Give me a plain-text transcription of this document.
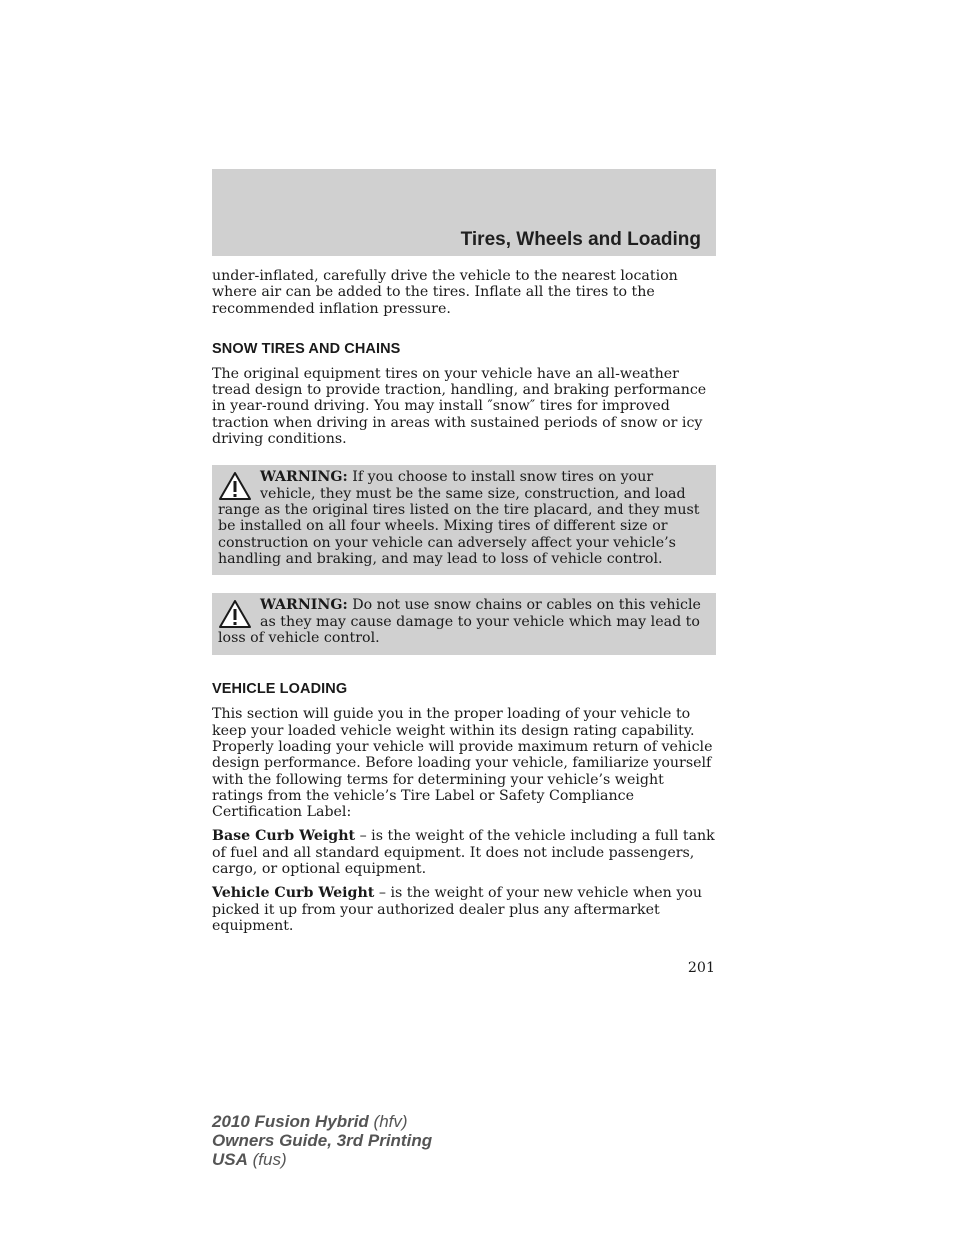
Tires, Wheels and Loading

under-inflated, carefully drive the vehicle to the nearest location where air can be added to the tires. Inflate all the tires to the recommended inflation pressure.

SNOW TIRES AND CHAINS

The original equipment tires on your vehicle have an all-weather tread design to provide traction, handling, and braking performance in year-round driving. You may install ″snow″ tires for improved traction when driving in areas with sustained periods of snow or icy driving conditions.

WARNING: If you choose to install snow tires on your vehicle, they must be the same size, construction, and load range as the original tires listed on the tire placard, and they must be installed on all four wheels. Mixing tires of different size or construction on your vehicle can adversely affect your vehicle’s handling and braking, and may lead to loss of vehicle control.

WARNING: Do not use snow chains or cables on this vehicle as they may cause damage to your vehicle which may lead to loss of vehicle control.

VEHICLE LOADING

This section will guide you in the proper loading of your vehicle to keep your loaded vehicle weight within its design rating capability. Properly loading your vehicle will provide maximum return of vehicle design performance. Before loading your vehicle, familiarize yourself with the following terms for determining your vehicle’s weight ratings from the vehicle’s Tire Label or Safety Compliance Certification Label:

Base Curb Weight – is the weight of the vehicle including a full tank of fuel and all standard equipment. It does not include passengers, cargo, or optional equipment.

Vehicle Curb Weight – is the weight of your new vehicle when you picked it up from your authorized dealer plus any aftermarket equipment.

201
2010 Fusion Hybrid (hfv)
Owners Guide, 3rd Printing
USA (fus)
